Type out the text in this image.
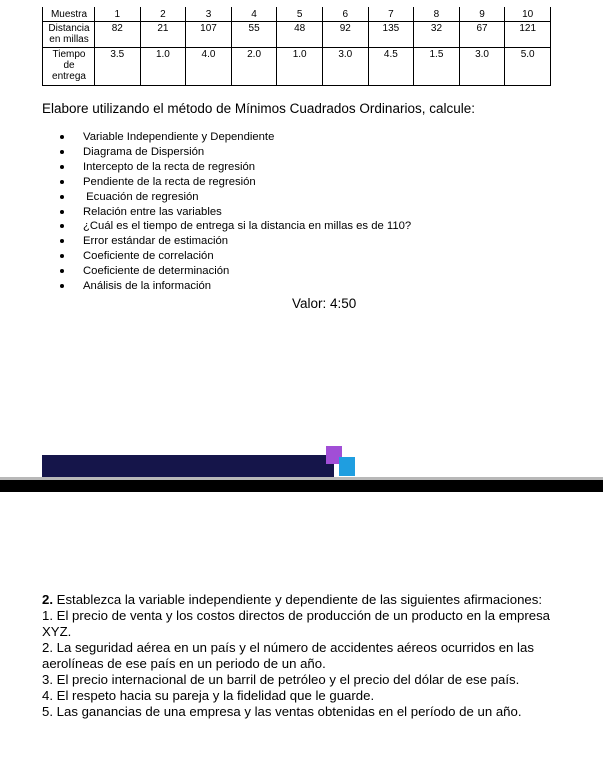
Muestra	1	2	3	4	5	6	7	8	9	10
Distancia
en millas	82	21	107	55	48	92	135	32	67	121
Tiempo
de
entrega	3.5	1.0	4.0	2.0	1.0	3.0	4.5	1.5	3.0	5.0
Elabore utilizando el método de Mínimos Cuadrados Ordinarios, calcule:
Variable Independiente y Dependiente
Diagrama de Dispersión
Intercepto de la recta de regresión
Pendiente de la recta de regresión
Ecuación de regresión
Relación entre las variables
¿Cuál es el tiempo de entrega si la distancia en millas es de 110?
Error estándar de estimación
Coeficiente de correlación
Coeficiente de determinación
Análisis de la información
Valor: 4:50

2. Establezca la variable independiente y dependiente de las siguientes afirmaciones:

1. El precio de venta y los costos directos de producción de un producto en la empresa XYZ.

2. La seguridad aérea en un país y el número de accidentes aéreos ocurridos en las aerolíneas de ese país en un periodo de un año.

3. El precio internacional de un barril de petróleo y el precio del dólar de ese país.

4. El respeto hacia su pareja y la fidelidad que le guarde.

5. Las ganancias de una empresa y las ventas obtenidas en el período de un año.
